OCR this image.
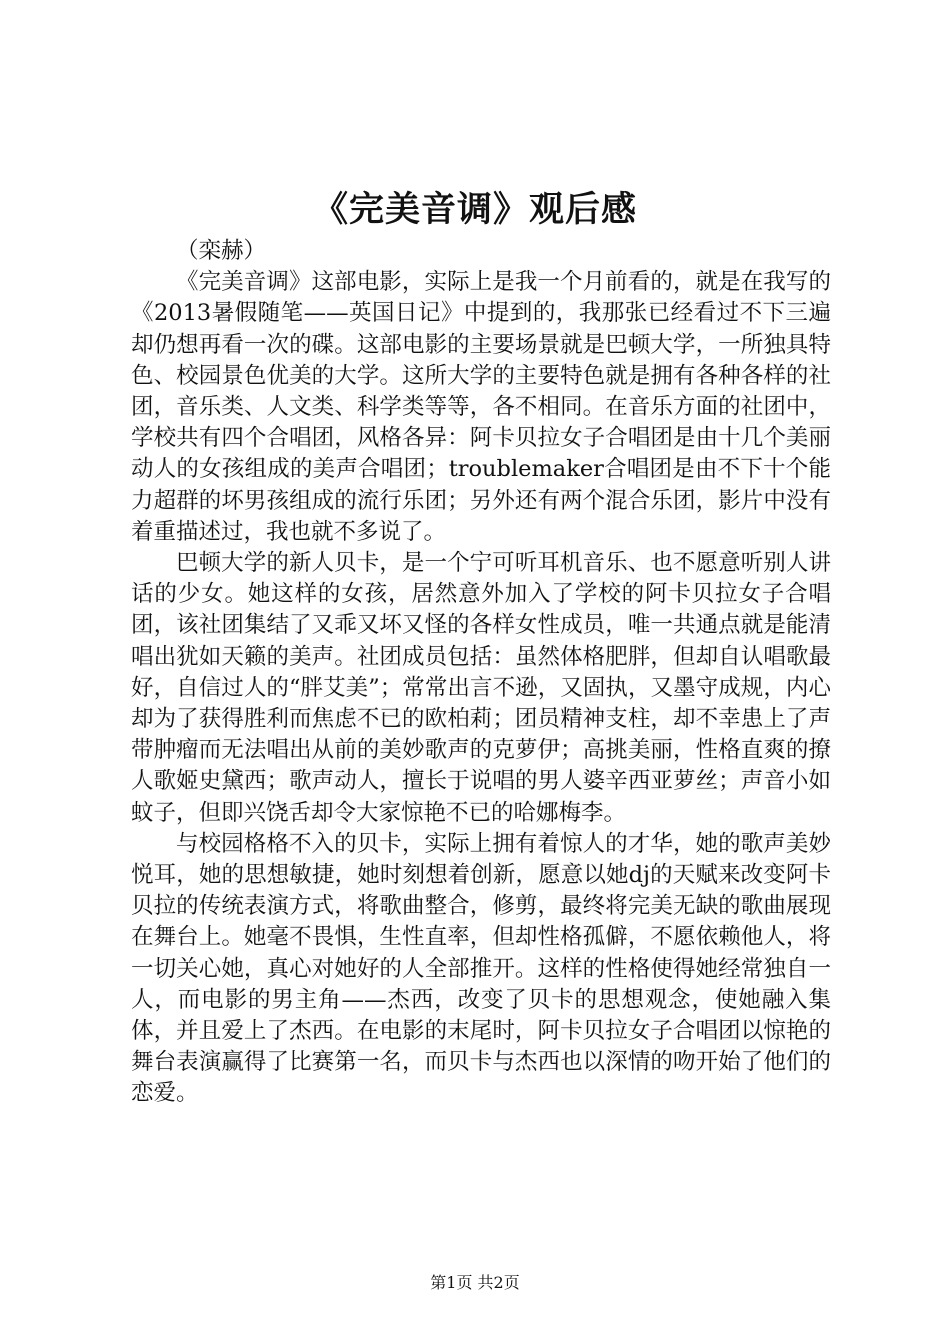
《完美音调》观后感

（栾赫）

《完美音调》这部电影，实际上是我一个月前看的，就是在我写的《2013暑假随笔——英国日记》中提到的，我那张已经看过不下三遍却仍想再看一次的碟。这部电影的主要场景就是巴顿大学，一所独具特色、校园景色优美的大学。这所大学的主要特色就是拥有各种各样的社团，音乐类、人文类、科学类等等，各不相同。在音乐方面的社团中，学校共有四个合唱团，风格各异：阿卡贝拉女子合唱团是由十几个美丽动人的女孩组成的美声合唱团；troublemaker合唱团是由不下十个能力超群的坏男孩组成的流行乐团；另外还有两个混合乐团，影片中没有着重描述过，我也就不多说了。

巴顿大学的新人贝卡，是一个宁可听耳机音乐、也不愿意听别人讲话的少女。她这样的女孩，居然意外加入了学校的阿卡贝拉女子合唱团，该社团集结了又乖又坏又怪的各样女性成员，唯一共通点就是能清唱出犹如天籁的美声。社团成员包括：虽然体格肥胖，但却自认唱歌最好，自信过人的“胖艾美”；常常出言不逊，又固执，又墨守成规，内心却为了获得胜利而焦虑不已的欧柏莉；团员精神支柱，却不幸患上了声带肿瘤而无法唱出从前的美妙歌声的克萝伊；高挑美丽，性格直爽的撩人歌姬史黛西；歌声动人，擅长于说唱的男人婆辛西亚萝丝；声音小如蚊子，但即兴饶舌却令大家惊艳不已的哈娜梅李。

与校园格格不入的贝卡，实际上拥有着惊人的才华，她的歌声美妙悦耳，她的思想敏捷，她时刻想着创新，愿意以她dj的天赋来改变阿卡贝拉的传统表演方式，将歌曲整合，修剪，最终将完美无缺的歌曲展现在舞台上。她毫不畏惧，生性直率，但却性格孤僻，不愿依赖他人，将一切关心她，真心对她好的人全部推开。这样的性格使得她经常独自一人，而电影的男主角——杰西，改变了贝卡的思想观念，使她融入集体，并且爱上了杰西。在电影的末尾时，阿卡贝拉女子合唱团以惊艳的舞台表演赢得了比赛第一名，而贝卡与杰西也以深情的吻开始了他们的恋爱。

第1页 共2页
